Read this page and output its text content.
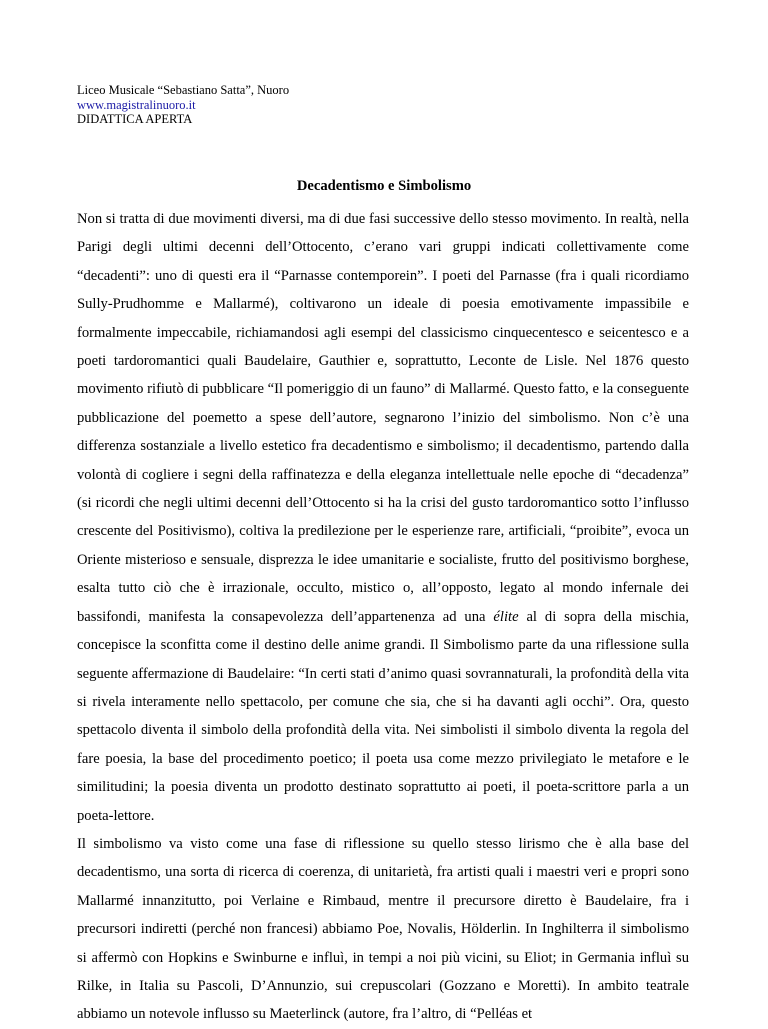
Liceo Musicale “Sebastiano Satta”, Nuoro
www.magistralinuoro.it
DIDATTICA APERTA
Decadentismo e Simbolismo

Non si tratta di due movimenti diversi, ma di due fasi successive dello stesso movimento. In realtà, nella Parigi degli ultimi decenni dell’Ottocento, c’erano vari gruppi indicati collettivamente come “decadenti”: uno di questi era il “Parnasse contemporein”. I poeti del Parnasse (fra i quali ricordiamo Sully-Prudhomme e Mallarmé), coltivarono un ideale di poesia emotivamente impassibile e formalmente impeccabile, richiamandosi agli esempi del classicismo cinquecentesco e seicentesco e a poeti tardoromantici quali Baudelaire, Gauthier e, soprattutto, Leconte de Lisle. Nel 1876 questo movimento rifiutò di pubblicare “Il pomeriggio di un fauno” di Mallarmé. Questo fatto, e la conseguente pubblicazione del poemetto a spese dell’autore, segnarono l’inizio del simbolismo. Non c’è una differenza sostanziale a livello estetico fra decadentismo e simbolismo; il decadentismo, partendo dalla volontà di cogliere i segni della raffinatezza e della eleganza intellettuale nelle epoche di “decadenza” (si ricordi che negli ultimi decenni dell’Ottocento si ha la crisi del gusto tardoromantico sotto l’influsso crescente del Positivismo), coltiva la predilezione per le esperienze rare, artificiali, “proibite”, evoca un Oriente misterioso e sensuale, disprezza le idee umanitarie e socialiste, frutto del positivismo borghese, esalta tutto ciò che è irrazionale, occulto, mistico o, all’opposto, legato al mondo infernale dei bassifondi, manifesta la consapevolezza dell’appartenenza ad una élite al di sopra della mischia, concepisce la sconfitta come il destino delle anime grandi. Il Simbolismo parte da una riflessione sulla seguente affermazione di Baudelaire: “In certi stati d’animo quasi sovrannaturali, la profondità della vita si rivela interamente nello spettacolo, per comune che sia, che si ha davanti agli occhi”. Ora, questo spettacolo diventa il simbolo della profondità della vita. Nei simbolisti il simbolo diventa la regola del fare poesia, la base del procedimento poetico; il poeta usa come mezzo privilegiato le metafore e le similitudini; la poesia diventa un prodotto destinato soprattutto ai poeti, il poeta-scrittore parla a un poeta-lettore.

Il simbolismo va visto come una fase di riflessione su quello stesso lirismo che è alla base del decadentismo, una sorta di ricerca di coerenza, di unitarietà, fra artisti quali i maestri veri e propri sono Mallarmé innanzitutto, poi Verlaine e Rimbaud, mentre il precursore diretto è Baudelaire, fra i precursori indiretti (perché non francesi) abbiamo Poe, Novalis, Hölderlin. In Inghilterra il simbolismo si affermò con Hopkins e Swinburne e influì, in tempi a noi più vicini, su Eliot; in Germania influì su Rilke, in Italia su Pascoli, D’Annunzio, sui crepuscolari (Gozzano e Moretti). In ambito teatrale abbiamo un notevole influsso su Maeterlinck (autore, fra l’altro, di “Pelléas et
